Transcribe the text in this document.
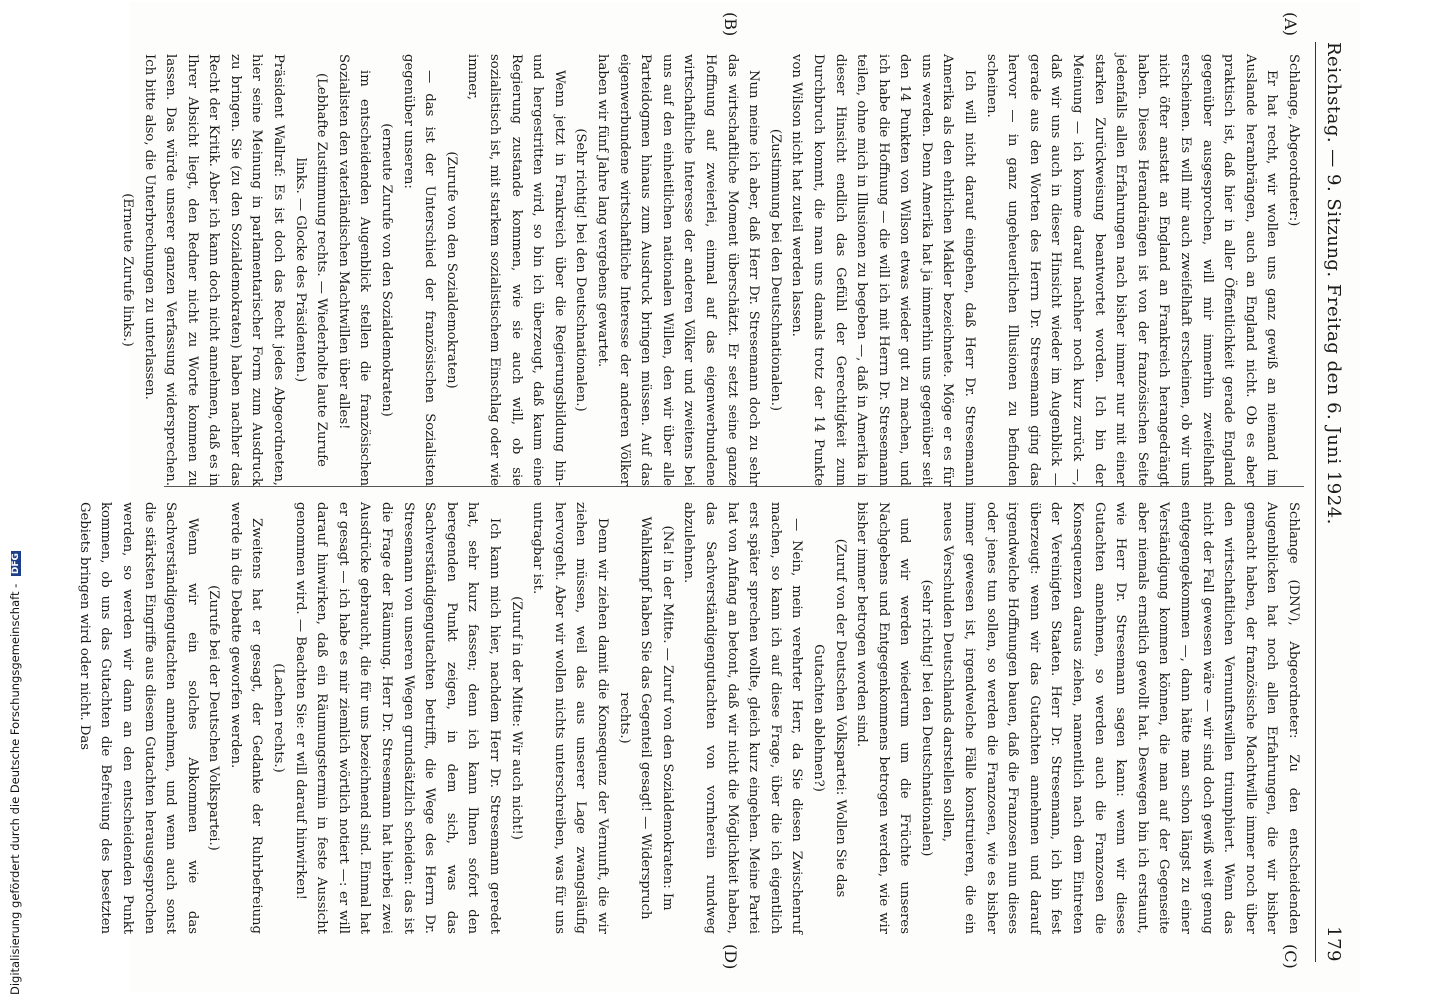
Reichstag. — 9. Sitzung. Freitag den 6. Juni 1924.
179
(A)
(B)
(C)
(D)

Schlange, Abgeordneter:)

Er hat recht, wir wollen uns ganz gewiß an niemand im Auslande heranbrängen, auch an England nicht. Ob es aber praktisch ist, daß hier in aller Öffentlichkeit gerade England gegenüber ausgesprochen, will mir immerhin zweifelhaft erscheinen. Es will mir auch zweifelhaft erscheinen, ob wir uns nicht öfter anstatt an England an Frankreich herangedrängt haben. Dieses Herandrängen ist von der französischen Seite jedenfalls allen Erfahrungen nach bisher immer nur mit einer starken Zurückweisung beantwortet worden. Ich bin der Meinung — ich komme darauf nachher noch kurz zurück —, daß wir uns auch in dieser Hinsicht wieder im Augenblick — gerade aus den Worten des Herrn Dr. Stresemann ging das hervor — in ganz ungeheuerlichen Illusionen zu befinden scheinen.

Ich will nicht darauf eingehen, daß Herr Dr. Stresemann Amerika als den ehrlichen Makler bezeichnete. Möge er es für uns werden. Denn Amerika hat ja immerhin uns gegenüber seit den 14 Punkten von Wilson etwas wieder gut zu machen, und ich habe die Hoffnung — die will ich mit Herrn Dr. Stresemann teilen, ohne mich in Illusionen zu begeben —, daß in Amerika in dieser Hinsicht endlich das Gefühl der Gerechtigkeit zum Durchbruch kommt, die man uns damals trotz der 14 Punkte von Wilson nicht hat zuteil werden lassen.

(Zustimmung bei den Deutschnationalen.)

Nun meine ich aber, daß Herr Dr. Stresemann doch zu sehr das wirtschaftliche Moment überschätzt. Er setzt seine ganze Hoffnung auf zweierlei, einmal auf das eigenwerbundene wirtschaftliche Interesse der anderen Völker und zweitens bei uns auf den einheitlichen nationalen Willen, den wir über alle Parteidogmen hinaus zum Ausdruck bringen müssen. Auf das eigenwerbundene wirtschaftliche Interesse der anderen Völker haben wir fünf Jahre lang vergebens gewartet.

(Sehr richtig! bei den Deutschnationalen.)

Wenn jetzt in Frankreich über die Regierungsbildung hin- und hergestritten wird, so bin ich überzeugt, daß kaum eine Regierung zustande kommen, wie sie auch will, ob sie sozialistisch ist, mit starkem sozialistischem Einschlag oder wie immer,

(Zurufe von den Sozialdemokraten)

— das ist der Unterschied der französischen Sozialisten gegenüber unseren:

(erneute Zurufe von den Sozialdemokraten)

im entscheidenden Augenblick stellen die französischen Sozialisten den vaterländischen Machtwillen über alles!

(Lebhafte Zustimmung rechts. — Wiederholte laute Zurufe links. — Glocke des Präsidenten.)

Präsident Wallraf: Es ist doch das Recht jedes Abgeordneten, hier seine Meinung in parlamentarischer Form zum Ausdruck zu bringen. Sie (zu den Sozialdemokraten) haben nachher das Recht der Kritik. Aber ich kann doch nicht annehmen, daß es in Ihrer Absicht liegt, den Redner nicht zu Worte kommen zu lassen. Das würde unserer ganzen Verfassung widersprechen. Ich bitte also, die Unterbrechungen zu unterlassen.

(Erneute Zurufe links.)

Schlange (DNV), Abgeordneter: Zu den entscheidenden Augenblicken hat noch allen Erfahrungen, die wir bisher gemacht haben, der französische Machtwille immer noch über den wirtschaftlichen Vernunftswillen triumphiert. Wenn das nicht der Fall gewesen wäre — wir sind doch gewiß weit genug entgegengekommen —, dann hätte man schon längst zu einer Verständigung kommen können, die man auf der Gegenseite aber niemals ernstlich gewollt hat. Deswegen bin ich erstaunt, wie Herr Dr. Stresemann sagen kann: wenn wir dieses Gutachten annehmen, so werden auch die Franzosen die Konsequenzen daraus ziehen, namentlich nach dem Eintreten der Vereinigten Staaten. Herr Dr. Stresemann, ich bin fest überzeugt: wenn wir das Gutachten annehmen und darauf irgendwelche Hoffnungen bauen, daß die Franzosen nun dieses oder jenes tun sollen, so werden die Franzosen, wie es bisher immer gewesen ist, irgendwelche Fälle konstruieren, die ein neues Verschulden Deutschlands darstellen sollen,

(sehr richtig! bei den Deutschnationalen)

und wir werden wiederum um die Früchte unseres Nachgebens und Entgegenkommens betrogen werden, wie wir bisher immer betrogen worden sind.

(Zuruf von der Deutschen Volkspartei: Wollen Sie das Gutachten ablehnen?)

— Nein, mein verehrter Herr, da Sie diesen Zwischenruf machen, so kann ich auf diese Frage, über die ich eigentlich erst später sprechen wollte, gleich kurz eingehen. Meine Partei hat von Anfang an betont, daß wir nicht die Möglichkeit haben, das Sachverständigengutachten von vornherein rundweg abzulehnen.

(Na! in der Mitte. — Zuruf von den Sozialdemokraten: Im Wahlkampf haben Sie das Gegenteil gesagt! — Widerspruch rechts.)

Denn wir ziehen damit die Konsequenz der Vernunft, die wir ziehen müssen, weil das aus unserer Lage zwangsläufig hervorgeht. Aber wir wollen nichts unterschreiben, was für uns untragbar ist.

(Zuruf in der Mitte: Wir auch nicht!)

Ich kann mich hier, nachdem Herr Dr. Stresemann geredet hat, sehr kurz fassen; denn ich kann Ihnen sofort den beregenden Punkt zeigen, in dem sich, was das Sachverständigengutachten betrifft, die Wege des Herrn Dr. Stresemann von unseren Wegen grundsätzlich scheiden: das ist die Frage der Räumung. Herr Dr. Stresemann hat hierbei zwei Ausdrücke gebraucht, die für uns bezeichnend sind. Einmal hat er gesagt — ich habe es mir ziemlich wörtlich notiert —: er will darauf hinwirken, daß ein Räumungstermin in feste Aussicht genommen wird. — Beachten Sie: er will darauf hinwirken!

(Lachen rechts.)

Zweitens hat er gesagt, der Gedanke der Ruhrbefreiung werde in die Debatte geworfen werden.

(Zurufe bei der Deutschen Volkspartei.)

Wenn wir ein solches Abkommen wie das Sachverständigengutachten annehmen, und wenn auch sonst die stärksten Eingriffe aus diesem Gutachten herausgesprochen werden, so werden wir dann an den entscheidenden Punkt kommen, ob uns das Gutachten die Befreiung des besetzten Gebiets bringen wird oder nicht. Das

Digitalisierung gefördert durch die Deutsche Forschungsgemeinschaft - DFG
